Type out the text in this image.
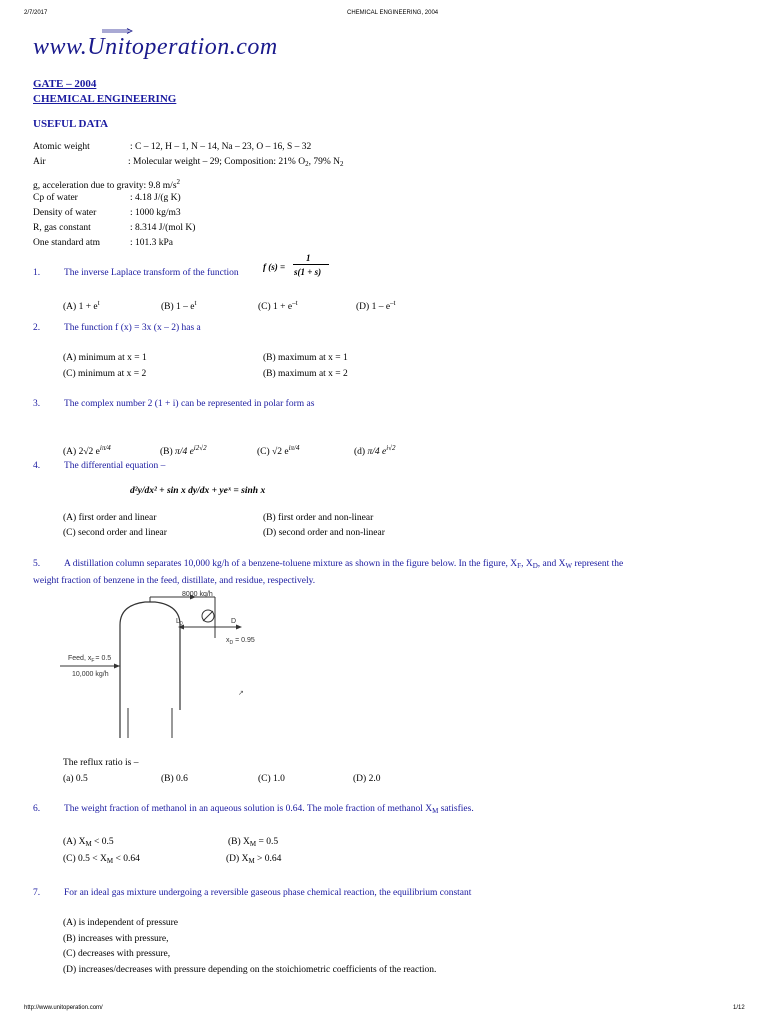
2/7/2017	CHEMICAL ENGINEERING, 2004
http://www.unitoperation.com/	1/12
www.Unitoperation.com
GATE – 2004
CHEMICAL ENGINEERING
USEFUL DATA
Atomic weight	: C – 12, H – 1, N – 14, Na – 23, O – 16, S – 32
Air	: Molecular weight – 29; Composition: 21% $O_2$, 79% $N_2$
g, acceleration due to gravity: 9.8 $m/s^2$
Cp of water	: 4.18 J/(g K)
Density of water	: 1000 kg/m3
R, gas constant	: 8.314 J/(mol K)
One standard atm	: 101.3 kPa
1.	The inverse Laplace transform of the function
f (s) =
1
s(1 + s)
(A) $1 + e^t$	(B) $1 - e^t$	(C) $1 + e^{-t}$	(D) $1 - e^{-t}$
2.	The function f (x) = 3x (x – 2) has a
(A) minimum at x = 1	(B) maximum at x = 1
(C) minimum at x = 2	(B) maximum at x = 2
3.	The complex number 2 (1 + i) can be represented in polar form as
(A) 2√2 $e^{i\pi/4}$	(B) π/4 $e^{i2√2}$	(C) √2 $e^{i\pi/4}$	(d) π/4 $e^{i√2}$
4.	The differential equation –
d²y/dx² + sin x dy/dx + yeˣ = sinh x
(A) first order and linear	(B) first order and non-linear
(C) second order and linear	(D) second order and non-linear
5.	A distillation column separates 10,000 kg/h of a benzene-toluene mixture as shown in the figure below. In the figure, $X_F$, $X_D$, and $X_W$ represent the
weight fraction of benzene in the feed, distillate, and residue, respectively.
8000 kg/h
$L_0$	D
$x_D = 0.95$
Feed, $x_F= 0.5$
10,000 kg/h
↗
The reflux ratio is –
(a) 0.5	(B) 0.6	(C) 1.0	(D) 2.0
6.	The weight fraction of methanol in an aqueous solution is 0.64. The mole fraction of methanol $X_M$ satisfies.
(A) $X_M < 0.5$	(B) $X_M = 0.5$
(C) $0.5 < X_M < 0.64$	(D) $X_M > 0.64$
7.	For an ideal gas mixture undergoing a reversible gaseous phase chemical reaction, the equilibrium constant
(A) is independent of pressure
(B) increases with pressure,
(C) decreases with pressure,
(D) increases/decreases with pressure depending on the stoichiometric coefficients of the reaction.
